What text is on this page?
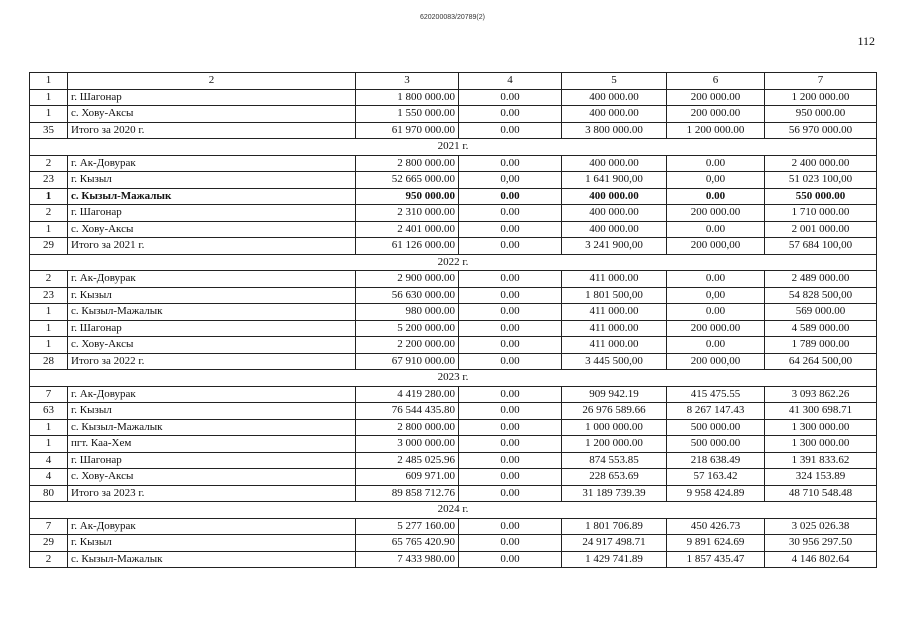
620200083/20789(2)
112
1	2	3	4	5	6	7
1	г. Шагонар	1 800 000.00	0.00	400 000.00	200 000.00	1 200 000.00
1	с. Хову-Аксы	1 550 000.00	0.00	400 000.00	200 000.00	950 000.00
35	Итого за 2020 г.	61 970 000.00	0.00	3 800 000.00	1 200 000.00	56 970 000.00
2021 г.						
2	г. Ак-Довурак	2 800 000.00	0.00	400 000.00	0.00	2 400 000.00
23	г. Кызыл	52 665 000.00	0,00	1 641 900,00	0,00	51 023 100,00
1	с. Кызыл-Мажалык	950 000.00	0.00	400 000.00	0.00	550 000.00
2	г. Шагонар	2 310 000.00	0.00	400 000.00	200 000.00	1 710 000.00
1	с. Хову-Аксы	2 401 000.00	0.00	400 000.00	0.00	2 001 000.00
29	Итого за 2021 г.	61 126 000.00	0.00	3 241 900,00	200 000,00	57 684 100,00
2022 г.						
2	г. Ак-Довурак	2 900 000.00	0.00	411 000.00	0.00	2 489 000.00
23	г. Кызыл	56 630 000.00	0.00	1 801 500,00	0,00	54 828 500,00
1	с. Кызыл-Мажалык	980 000.00	0.00	411 000.00	0.00	569 000.00
1	г. Шагонар	5 200 000.00	0.00	411 000.00	200 000.00	4 589 000.00
1	с. Хову-Аксы	2 200 000.00	0.00	411 000.00	0.00	1 789 000.00
28	Итого за 2022 г.	67 910 000.00	0.00	3 445 500,00	200 000,00	64 264 500,00
2023 г.						
7	г. Ак-Довурак	4 419 280.00	0.00	909 942.19	415 475.55	3 093 862.26
63	г. Кызыл	76 544 435.80	0.00	26 976 589.66	8 267 147.43	41 300 698.71
1	с. Кызыл-Мажалык	2 800 000.00	0.00	1 000 000.00	500 000.00	1 300 000.00
1	пгт. Каа-Хем	3 000 000.00	0.00	1 200 000.00	500 000.00	1 300 000.00
4	г. Шагонар	2 485 025.96	0.00	874 553.85	218 638.49	1 391 833.62
4	с. Хову-Аксы	609 971.00	0.00	228 653.69	57 163.42	324 153.89
80	Итого за 2023 г.	89 858 712.76	0.00	31 189 739.39	9 958 424.89	48 710 548.48
2024 г.						
7	г. Ак-Довурак	5 277 160.00	0.00	1 801 706.89	450 426.73	3 025 026.38
29	г. Кызыл	65 765 420.90	0.00	24 917 498.71	9 891 624.69	30 956 297.50
2	с. Кызыл-Мажалык	7 433 980.00	0.00	1 429 741.89	1 857 435.47	4 146 802.64
